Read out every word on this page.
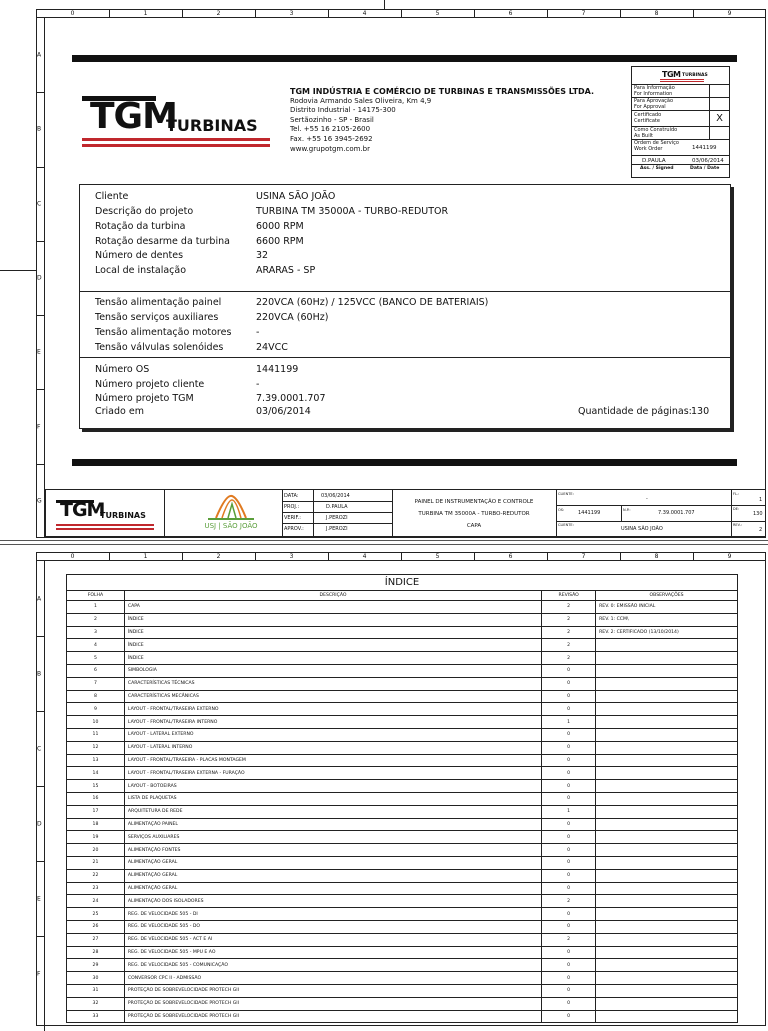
0	1	2	3	4	5	6	7	8	9
A
B
C
D
E
F
G
TGM
TURBINAS
TGM INDÚSTRIA E COMÉRCIO DE TURBINAS E TRANSMISSÕES LTDA.
Rodovia Armando Sales Oliveira, Km 4,9
Distrito Industrial - 14175-300
Sertãozinho - SP - Brasil
Tel. +55 16 2105-2600
Fax. +55 16 3945-2692
www.grupotgm.com.br
TGM TURBINAS
Para Informação
For Information
Para Aprovação
For Approval
Certificado
Certificate	X
Como Construído
As Built
Ordem de Serviço
Work Order	1441199
D.PAULA	03/06/2014
Ass. / Signed	Data / Date
Cliente	USINA SÃO JOÃO
Descrição do projeto	TURBINA TM 35000A - TURBO-REDUTOR
Rotação da turbina	6000 RPM
Rotação desarme da turbina	6600 RPM
Número de dentes	32
Local de instalação	ARARAS - SP
Tensão alimentação painel	220VCA (60Hz) / 125VCC (BANCO DE BATERIAIS)
Tensão serviços auxiliares	220VCA (60Hz)
Tensão alimentação motores	-
Tensão válvulas solenóides	24VCC
Número OS	1441199
Número projeto cliente	-
Número projeto TGM	7.39.0001.707
Criado em	03/06/2014	Quantidade de páginas: 130
TGM
TURBINAS
USJ | SÃO JOÃO
DATA:	03/06/2014
PROJ.:	D.PAULA
VERIF.:	J.PEROZI
APROV.:	J.PEROZI
PAINEL DE INSTRUMENTAÇÃO E CONTROLE
TURBINA TM 35000A - TURBO-REDUTOR
CAPA
CLIENTE:
-
OS:	1441199	N.P.:	7.39.0001.707
CLIENTE:
USINA SÃO JOÃO
FL.:
1
DE:
130
REV.:
2
0	1	2	3	4	5	6	7	8	9
A
B
C
D
E
F
ÍNDICE
FOLHA	DESCRIÇÃO	REVISÃO	OBSERVAÇÕES
1	CAPA	2	REV. 0: EMISSÃO INICIAL
2	ÍNDICE	2	REV. 1: CCM\
3	ÍNDICE	2	REV. 2: CERTIFICADO (13/10/2014)
4	ÍNDICE	2	
5	ÍNDICE	2	
6	SIMBOLOGIA	0	
7	CARACTERÍSTICAS TÉCNICAS	0	
8	CARACTERÍSTICAS MECÂNICAS	0	
9	LAYOUT - FRONTAL/TRASEIRA EXTERNO	0	
10	LAYOUT - FRONTAL/TRASEIRA INTERNO	1	
11	LAYOUT - LATERAL EXTERNO	0	
12	LAYOUT - LATERAL INTERNO	0	
13	LAYOUT - FRONTAL/TRASEIRA - PLACAS MONTAGEM	0	
14	LAYOUT - FRONTAL/TRASEIRA EXTERNA - FURAÇÃO	0	
15	LAYOUT - BOTOEIRAS	0	
16	LISTA DE PLAQUETAS	0	
17	ARQUITETURA DE REDE	1	
18	ALIMENTAÇÃO PAINEL	0	
19	SERVIÇOS AUXILIARES	0	
20	ALIMENTAÇÃO FONTES	0	
21	ALIMENTAÇÃO GERAL	0	
22	ALIMENTAÇÃO GERAL	0	
23	ALIMENTAÇÃO GERAL	0	
24	ALIMENTAÇÃO DOS ISOLADORES	2	
25	REG. DE VELOCIDADE 505 - DI	0	
26	REG. DE VELOCIDADE 505 - DO	0	
27	REG. DE VELOCIDADE 505 - ACT E AI	2	
28	REG. DE VELOCIDADE 505 - MPU E AO	0	
29	REG. DE VELOCIDADE 505 - COMUNICAÇÃO	0	
30	CONVERSOR CPC II - ADMISSÃO	0	
31	PROTEÇÃO DE SOBREVELOCIDADE PROTECH GII	0	
32	PROTEÇÃO DE SOBREVELOCIDADE PROTECH GII	0	
33	PROTEÇÃO DE SOBREVELOCIDADE PROTECH GII	0	
